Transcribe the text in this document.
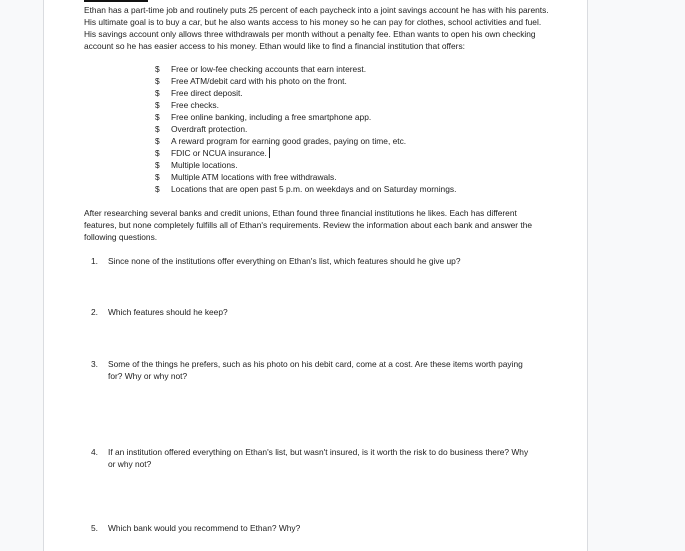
Ethan has a part-time job and routinely puts 25 percent of each paycheck into a joint savings account he has with his parents. His ultimate goal is to buy a car, but he also wants access to his money so he can pay for clothes, school activities and fuel. His savings account only allows three withdrawals per month without a penalty fee. Ethan wants to open his own checking account so he has easier access to his money. Ethan would like to find a financial institution that offers:

$	Free or low-fee checking accounts that earn interest.
$	Free ATM/debit card with his photo on the front.
$	Free direct deposit.
$	Free checks.
$	Free online banking, including a free smartphone app.
$	Overdraft protection.
$	A reward program for earning good grades, paying on time, etc.
$	FDIC or NCUA insurance.
$	Multiple locations.
$	Multiple ATM locations with free withdrawals.
$	Locations that are open past 5 p.m. on weekdays and on Saturday mornings.

After researching several banks and credit unions, Ethan found three financial institutions he likes. Each has different features, but none completely fulfills all of Ethan's requirements. Review the information about each bank and answer the following questions.

1.	Since none of the institutions offer everything on Ethan's list, which features should he give up?
2.	Which features should he keep?
3.	Some of the things he prefers, such as his photo on his debit card, come at a cost. Are these items worth paying for? Why or why not?
4.	If an institution offered everything on Ethan's list, but wasn't insured, is it worth the risk to do business there? Why or why not?
5.	Which bank would you recommend to Ethan? Why?
